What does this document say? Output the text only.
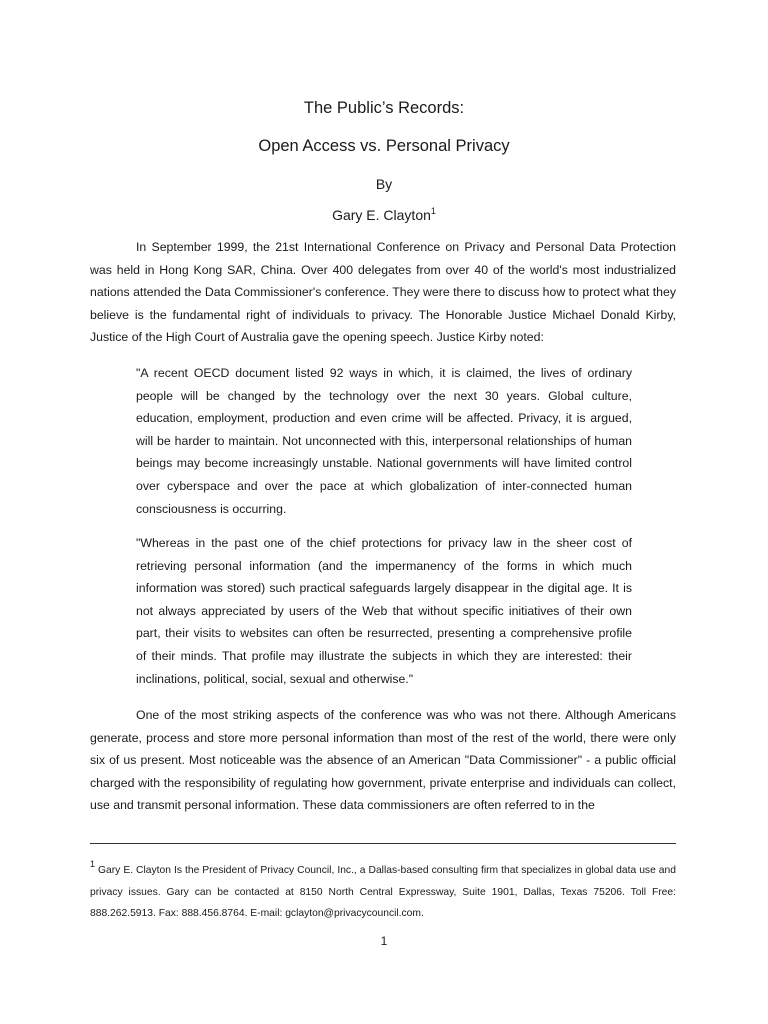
The Public’s Records:
Open Access vs. Personal Privacy
By
Gary E. Clayton$^1$

In September 1999, the 21st International Conference on Privacy and Personal Data Protection was held in Hong Kong SAR, China. Over 400 delegates from over 40 of the world's most industrialized nations attended the Data Commissioner's conference. They were there to discuss how to protect what they believe is the fundamental right of individuals to privacy. The Honorable Justice Michael Donald Kirby, Justice of the High Court of Australia gave the opening speech. Justice Kirby noted:

"A recent OECD document listed 92 ways in which, it is claimed, the lives of ordinary people will be changed by the technology over the next 30 years. Global culture, education, employment, production and even crime will be affected. Privacy, it is argued, will be harder to maintain. Not unconnected with this, interpersonal relationships of human beings may become increasingly unstable. National governments will have limited control over cyberspace and over the pace at which globalization of inter-connected human consciousness is occurring.

"Whereas in the past one of the chief protections for privacy law in the sheer cost of retrieving personal information (and the impermanency of the forms in which much information was stored) such practical safeguards largely disappear in the digital age. It is not always appreciated by users of the Web that without specific initiatives of their own part, their visits to websites can often be resurrected, presenting a comprehensive profile of their minds. That profile may illustrate the subjects in which they are interested: their inclinations, political, social, sexual and otherwise."

One of the most striking aspects of the conference was who was not there. Although Americans generate, process and store more personal information than most of the rest of the world, there were only six of us present. Most noticeable was the absence of an American "Data Commissioner" - a public official charged with the responsibility of regulating how government, private enterprise and individuals can collect, use and transmit personal information. These data commissioners are often referred to in the

$^1$ Gary E. Clayton Is the President of Privacy Council, Inc., a Dallas-based consulting firm that specializes in global data use and privacy issues. Gary can be contacted at 8150 North Central Expressway, Suite 1901, Dallas, Texas 75206. Toll Free: 888.262.5913. Fax: 888.456.8764. E-mail: gclayton@privacycouncil.com.

1
